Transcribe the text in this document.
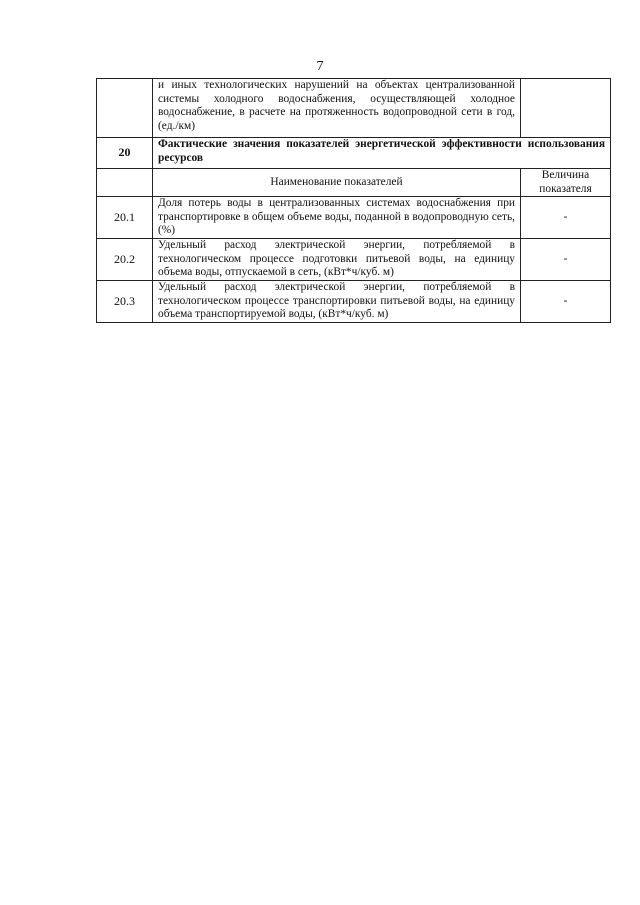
7
	и иных технологических нарушений на объектах централизованной системы холодного водоснабжения, осуществляющей холодное водоснабжение, в расчете на протяженность водопроводной сети в год, (ед./км)	
20	Фактические значения показателей энергетической эффективности использования ресурсов	
	Наименование показателей	Величина показателя
20.1	Доля потерь воды в централизованных системах водоснабжения при транспортировке в общем объеме воды, поданной в водопроводную сеть, (%)	-
20.2	Удельный расход электрической энергии, потребляемой в технологическом процессе подготовки питьевой воды, на единицу объема воды, отпускаемой в сеть, (кВт*ч/куб. м)	-
20.3	Удельный расход электрической энергии, потребляемой в технологическом процессе транспортировки питьевой воды, на единицу объема транспортируемой воды, (кВт*ч/куб. м)	-
